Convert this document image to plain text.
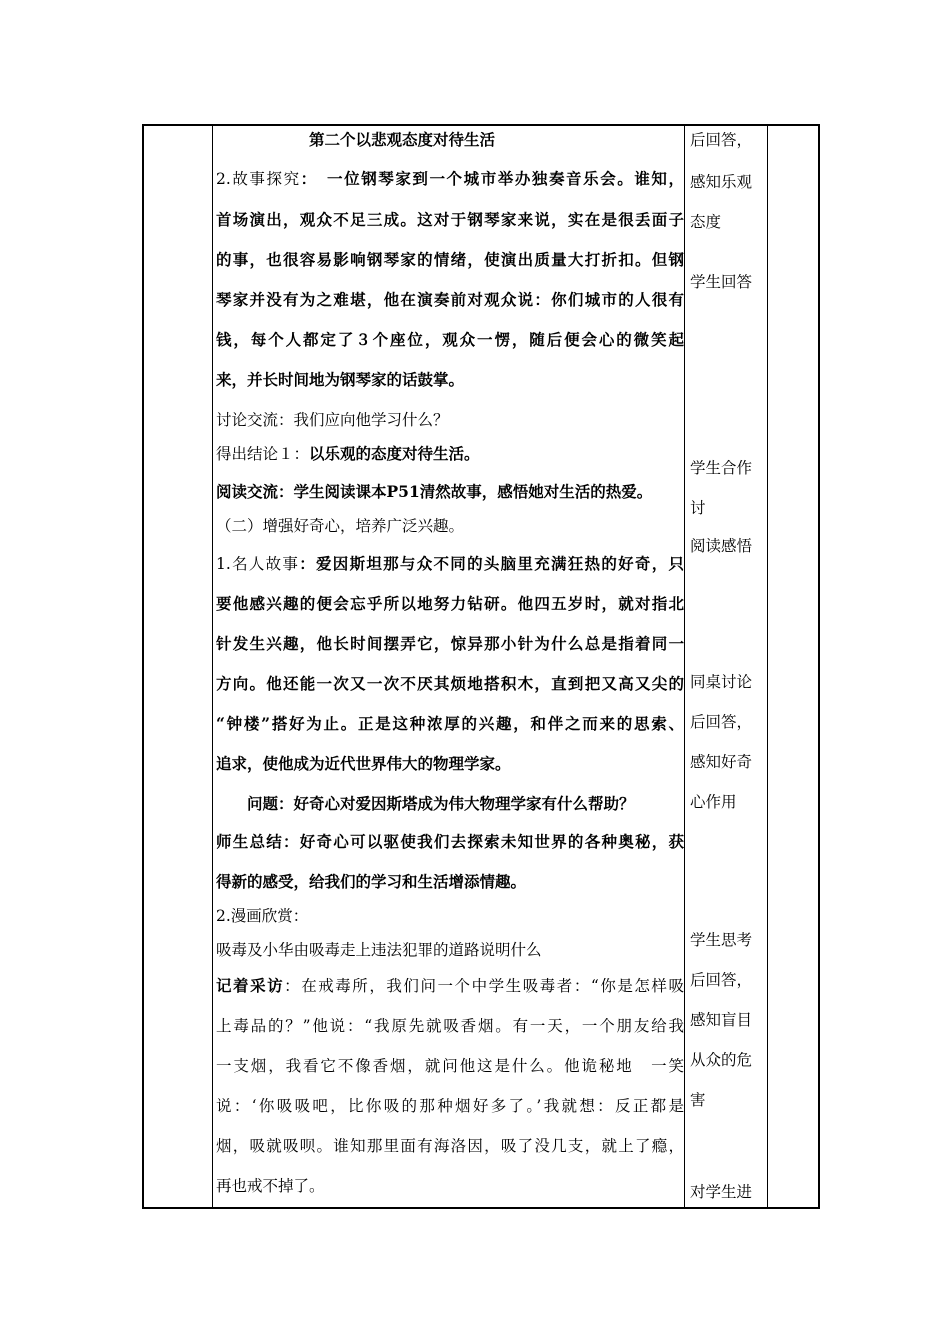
　　　　　　第二个以悲观态度对待生活
2.故事探究：　一位钢琴家到一个城市举办独奏音乐会。谁知，
首场演出，观众不足三成。这对于钢琴家来说，实在是很丢面子
的事，也很容易影响钢琴家的情绪，使演出质量大打折扣。但钢
琴家并没有为之难堪，他在演奏前对观众说：你们城市的人很有
钱，每个人都定了３个座位，观众一愣，随后便会心的微笑起
来，并长时间地为钢琴家的话鼓掌。
讨论交流：我们应向他学习什么？
得出结论１：以乐观的态度对待生活。
阅读交流：学生阅读课本P51清然故事，感悟她对生活的热爱。
（二）增强好奇心，培养广泛兴趣。
1.名人故事：爱因斯坦那与众不同的头脑里充满狂热的好奇，只
要他感兴趣的便会忘乎所以地努力钻研。他四五岁时，就对指北
针发生兴趣，他长时间摆弄它，惊异那小针为什么总是指着同一
方向。他还能一次又一次不厌其烦地搭积木，直到把又高又尖的
“钟楼”搭好为止。正是这种浓厚的兴趣，和伴之而来的思索、
追求，使他成为近代世界伟大的物理学家。
　　问题：好奇心对爱因斯塔成为伟大物理学家有什么帮助？
师生总结：好奇心可以驱使我们去探索未知世界的各种奥秘，获
得新的感受，给我们的学习和生活增添情趣。
2.漫画欣赏：
吸毒及小华由吸毒走上违法犯罪的道路说明什么
记着采访：在戒毒所，我们问一个中学生吸毒者：“你是怎样吸
上毒品的？”他说：“我原先就吸香烟。有一天，一个朋友给我
一支烟，我看它不像香烟，就问他这是什么。他诡秘地　一笑
说：‘你吸吸吧，比你吸的那种烟好多了。’我就想：反正都是
烟，吸就吸呗。谁知那里面有海洛因，吸了没几支，就上了瘾，
再也戒不掉了。
后回答，
感知乐观
态度
学生回答
学生合作
讨
阅读感悟
同桌讨论
后回答，
感知好奇
心作用
学生思考
后回答，
感知盲目
从众的危
害
对学生进
